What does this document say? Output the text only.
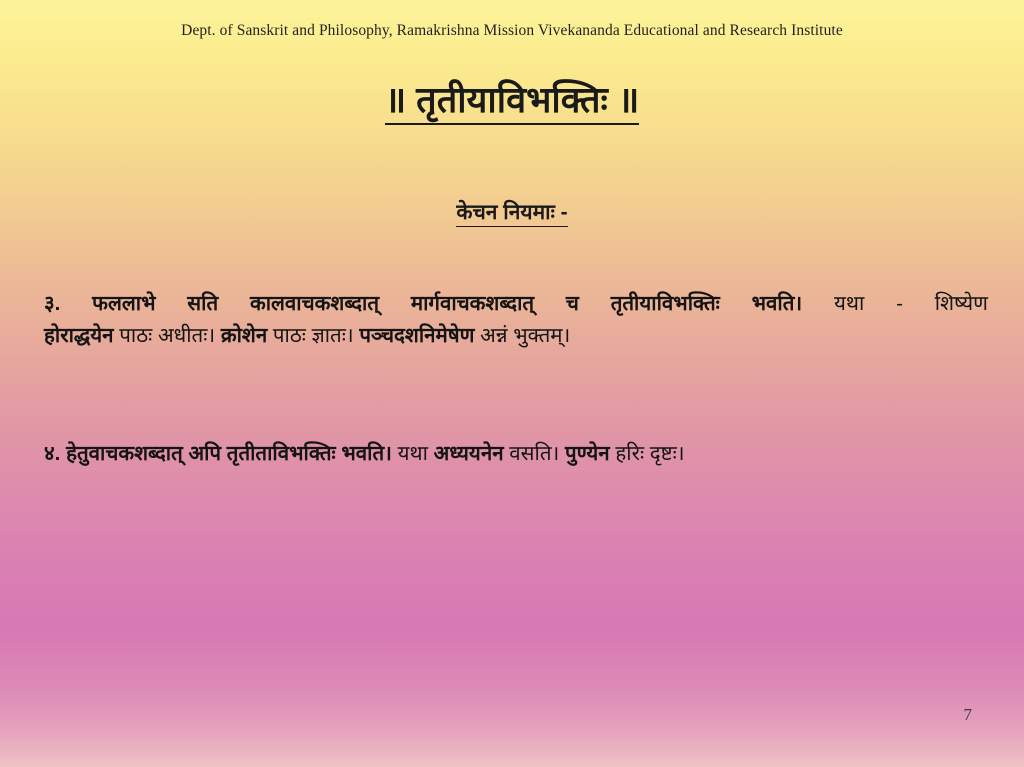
Dept. of Sanskrit and Philosophy, Ramakrishna Mission Vivekananda Educational and Research Institute
॥ तृतीयाविभक्तिः ॥
केचन नियमाः -
३. फललाभे सति कालवाचकशब्दात् मार्गवाचकशब्दात् च तृतीयाविभक्तिः भवति। यथा - शिष्येण
होराद्धयेन पाठः अधीतः। क्रोशेन पाठः ज्ञातः। पञ्चदशनिमेषेण अन्नं भुक्तम्।
४. हेतुवाचकशब्दात् अपि तृतीताविभक्तिः भवति। यथा अध्ययनेन वसति। पुण्येन हरिः दृष्टः।
7
